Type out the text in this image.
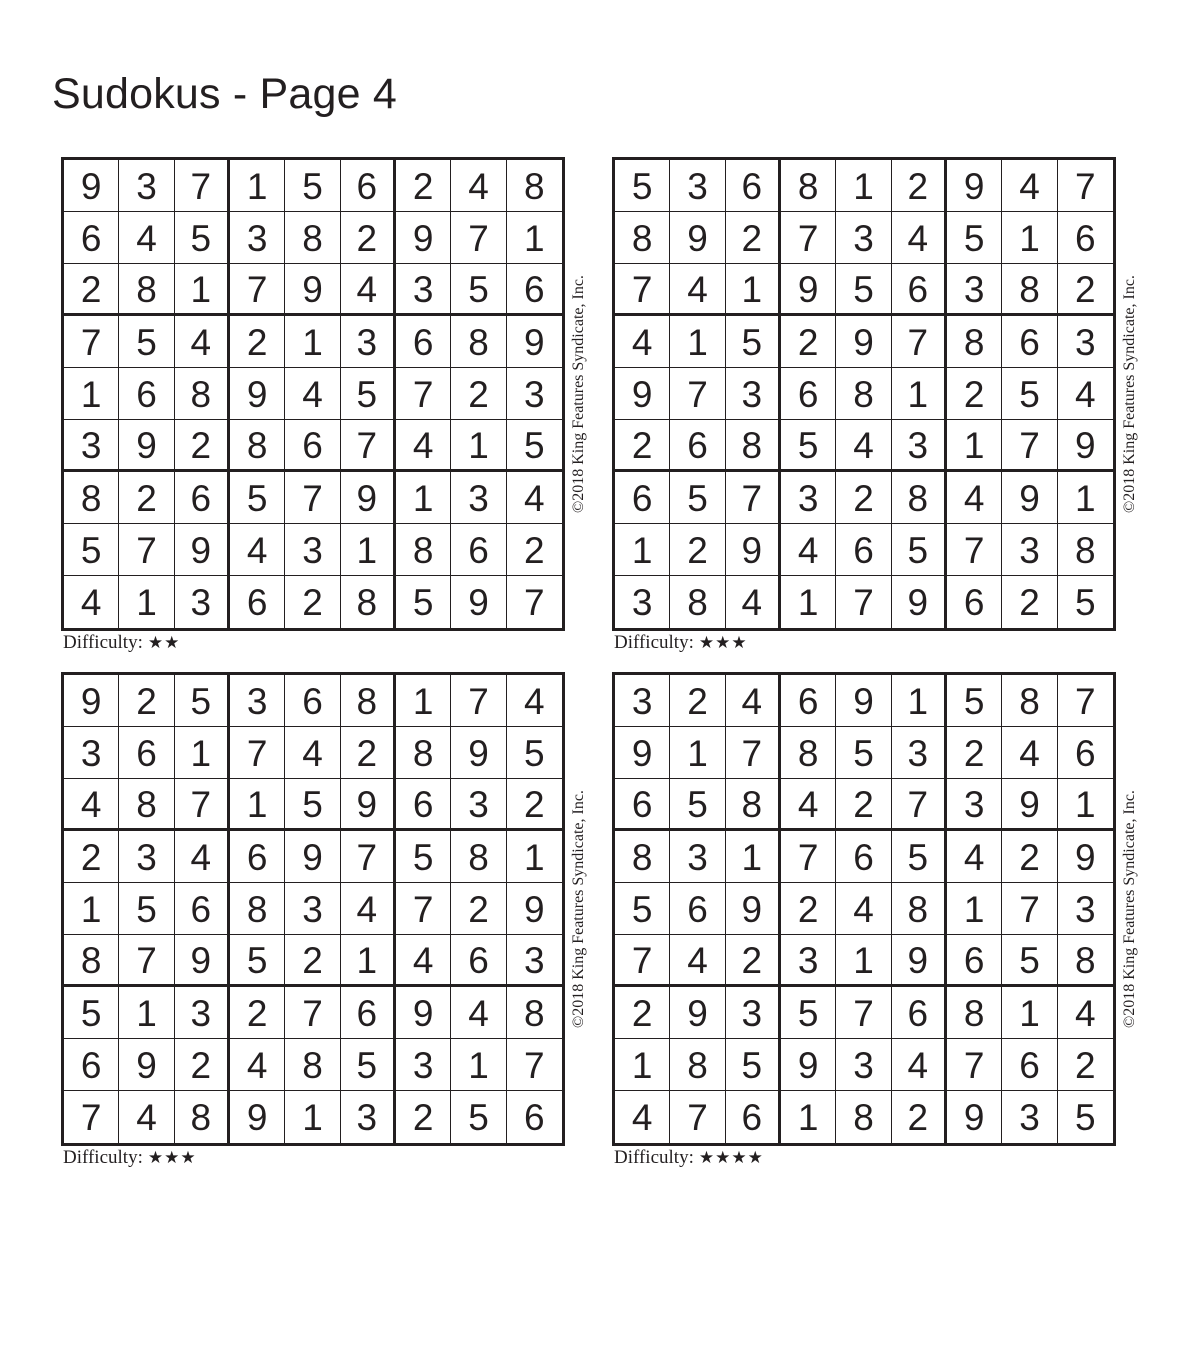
Sudokus - Page 4
9 3 7 1 5 6 2 4 8
6 4 5 3 8 2 9 7 1
2 8 1 7 9 4 3 5 6
7 5 4 2 1 3 6 8 9
1 6 8 9 4 5 7 2 3
3 9 2 8 6 7 4 1 5
8 2 6 5 7 9 1 3 4
5 7 9 4 3 1 8 6 2
4 1 3 6 2 8 5 9 7
©2018 King Features Syndicate, Inc.
Difficulty: ★★
5 3 6 8 1 2 9 4 7
8 9 2 7 3 4 5 1 6
7 4 1 9 5 6 3 8 2
4 1 5 2 9 7 8 6 3
9 7 3 6 8 1 2 5 4
2 6 8 5 4 3 1 7 9
6 5 7 3 2 8 4 9 1
1 2 9 4 6 5 7 3 8
3 8 4 1 7 9 6 2 5
©2018 King Features Syndicate, Inc.
Difficulty: ★★★
9 2 5 3 6 8 1 7 4
3 6 1 7 4 2 8 9 5
4 8 7 1 5 9 6 3 2
2 3 4 6 9 7 5 8 1
1 5 6 8 3 4 7 2 9
8 7 9 5 2 1 4 6 3
5 1 3 2 7 6 9 4 8
6 9 2 4 8 5 3 1 7
7 4 8 9 1 3 2 5 6
©2018 King Features Syndicate, Inc.
Difficulty: ★★★
3 2 4 6 9 1 5 8 7
9 1 7 8 5 3 2 4 6
6 5 8 4 2 7 3 9 1
8 3 1 7 6 5 4 2 9
5 6 9 2 4 8 1 7 3
7 4 2 3 1 9 6 5 8
2 9 3 5 7 6 8 1 4
1 8 5 9 3 4 7 6 2
4 7 6 1 8 2 9 3 5
©2018 King Features Syndicate, Inc.
Difficulty: ★★★★
